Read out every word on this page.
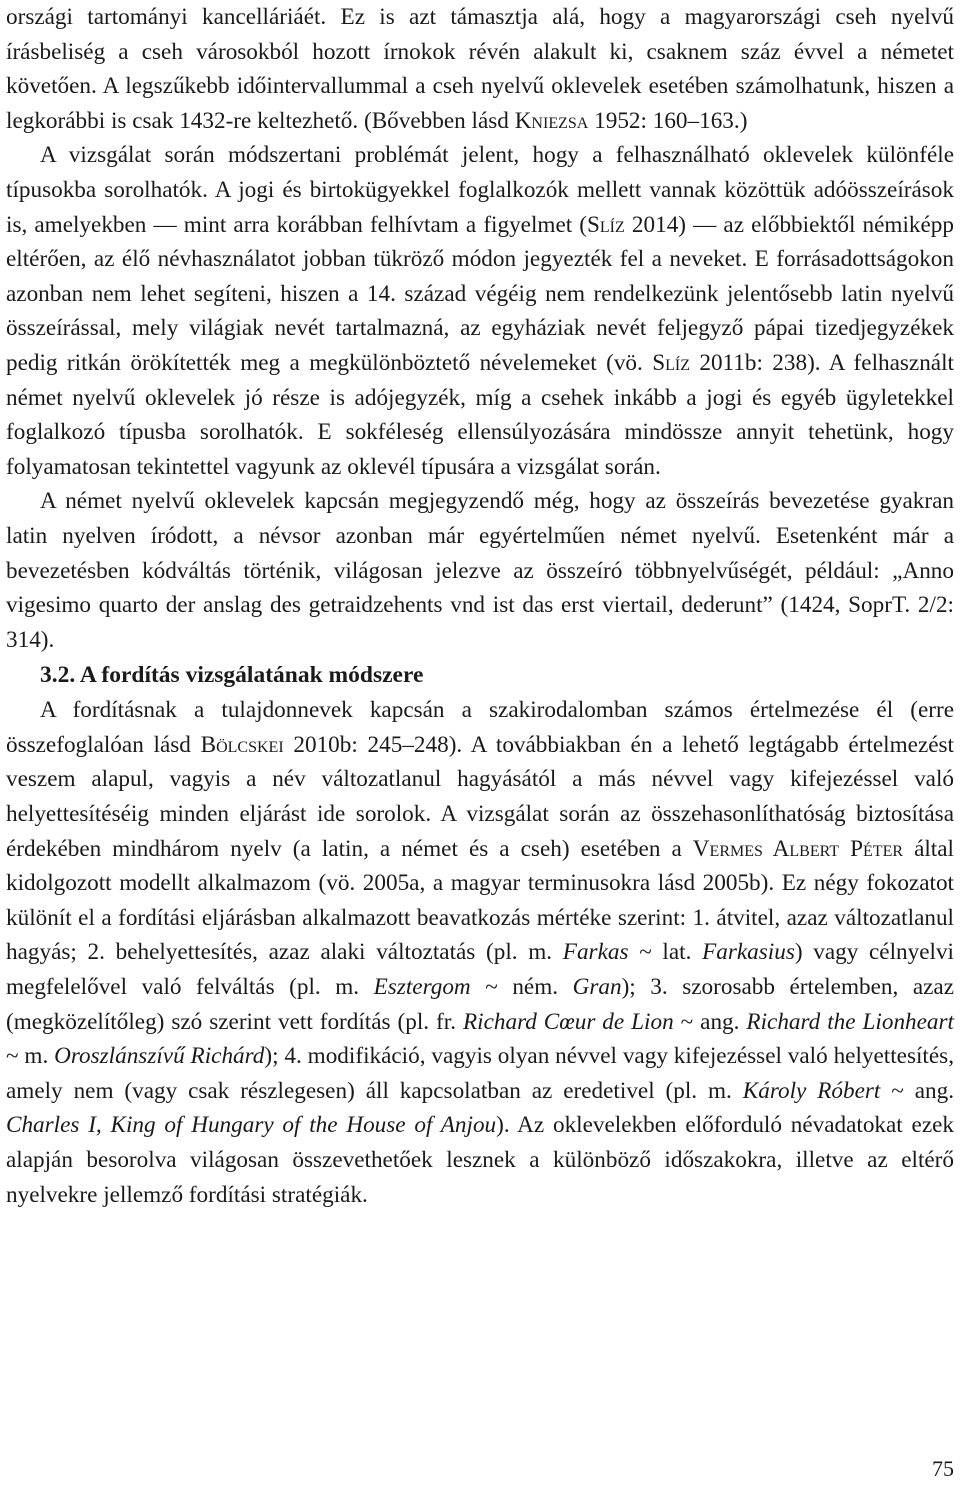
országi tartományi kancelláriáét. Ez is azt támasztja alá, hogy a magyarországi cseh nyelvű írásbeliség a cseh városokból hozott írnokok révén alakult ki, csaknem száz évvel a németet követően. A legszűkebb időintervallummal a cseh nyelvű oklevelek esetében számolhatunk, hiszen a legkorábbi is csak 1432-re keltezhető. (Bővebben lásd Kniezsa 1952: 160–163.)

A vizsgálat során módszertani problémát jelent, hogy a felhasználható oklevelek különféle típusokba sorolhatók. A jogi és birtokügyekkel foglalkozók mellett vannak közöttük adóösszeírások is, amelyekben — mint arra korábban felhívtam a figyelmet (Slíz 2014) — az előbbiektől némiképp eltérően, az élő névhasználatot jobban tükröző módon jegyezték fel a neveket. E forrásadottságokon azonban nem lehet segíteni, hiszen a 14. század végéig nem rendelkezünk jelentősebb latin nyelvű összeírással, mely világiak nevét tartalmazná, az egyháziak nevét feljegyző pápai tizedjegyzékek pedig ritkán örökítették meg a megkülönböztető névelemeket (vö. Slíz 2011b: 238). A felhasznált német nyelvű oklevelek jó része is adójegyzék, míg a csehek inkább a jogi és egyéb ügyletekkel foglalkozó típusba sorolhatók. E sokféleség ellensúlyozására mindössze annyit tehetünk, hogy folyamatosan tekintettel vagyunk az oklevél típusára a vizsgálat során.

A német nyelvű oklevelek kapcsán megjegyzendő még, hogy az összeírás bevezetése gyakran latin nyelven íródott, a névsor azonban már egyértelműen német nyelvű. Esetenként már a bevezetésben kódváltás történik, világosan jelezve az összeíró többnyelvűségét, például: „Anno vigesimo quarto der anslag des getraidzehents vnd ist das erst viertail, dederunt” (1424, SoprT. 2/2: 314).

3.2. A fordítás vizsgálatának módszere

A fordításnak a tulajdonnevek kapcsán a szakirodalomban számos értelmezése él (erre összefoglalóan lásd Bölcskei 2010b: 245–248). A továbbiakban én a lehető legtágabb értelmezést veszem alapul, vagyis a név változatlanul hagyásától a más névvel vagy kifejezéssel való helyettesítéséig minden eljárást ide sorolok. A vizsgálat során az összehasonlíthatóság biztosítása érdekében mindhárom nyelv (a latin, a német és a cseh) esetében a Vermes Albert Péter által kidolgozott modellt alkalmazom (vö. 2005a, a magyar terminusokra lásd 2005b). Ez négy fokozatot különít el a fordítási eljárásban alkalmazott beavatkozás mértéke szerint: 1. átvitel, azaz változatlanul hagyás; 2. behelyettesítés, azaz alaki változtatás (pl. m. Farkas ~ lat. Farkasius) vagy célnyelvi megfelelővel való felváltás (pl. m. Esztergom ~ ném. Gran); 3. szorosabb értelemben, azaz (megközelítőleg) szó szerint vett fordítás (pl. fr. Richard Cœur de Lion ~ ang. Richard the Lionheart ~ m. Oroszlánszívű Richárd); 4. modifikáció, vagyis olyan névvel vagy kifejezéssel való helyettesítés, amely nem (vagy csak részlegesen) áll kapcsolatban az eredetivel (pl. m. Károly Róbert ~ ang. Charles I, King of Hungary of the House of Anjou). Az oklevelekben előforduló névadatokat ezek alapján besorolva világosan összevethetőek lesznek a különböző időszakokra, illetve az eltérő nyelvekre jellemző fordítási stratégiák.

75
